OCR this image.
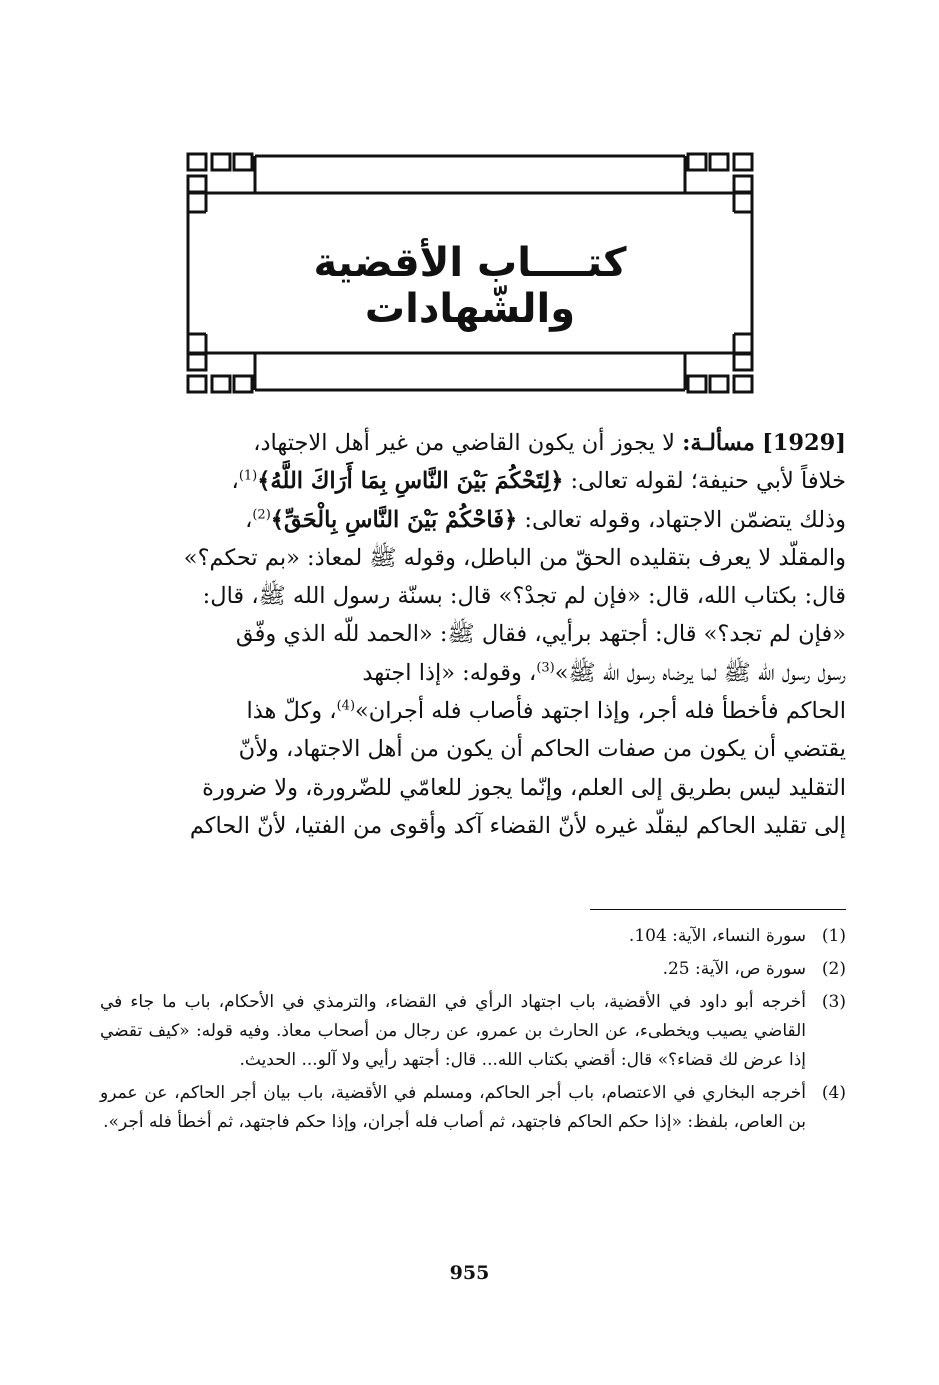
كتــــاب الأقضية والشّهادات

[1929] مسألـة: لا يجوز أن يكون القاضي من غير أهل الاجتهاد،

خلافاً لأبي حنيفة؛ لقوله تعالى: ﴿لِتَحْكُمَ بَيْنَ النَّاسِ بِمَا أَرَاكَ اللَّهُ﴾$^{(1)}$،

وذلك يتضمّن الاجتهاد، وقوله تعالى: ﴿فَاحْكُمْ بَيْنَ النَّاسِ بِالْحَقِّ﴾$^{(2)}$،

والمقلّد لا يعرف بتقليده الحقّ من الباطل، وقوله ﷺ لمعاذ: «بم تحكم؟»

قال: بكتاب الله، قال: «فإن لم تجدْ؟» قال: بسنّة رسول الله ﷺ، قال:

«فإن لم تجد؟» قال: أجتهد برأيي، فقال ﷺ: «الحمد للّه الذي وفّق

رسول رسول الله ﷺ لما يرضاه رسول الله ﷺ»$^{(3)}$، وقوله: «إذا اجتهد

الحاكم فأخطأ فله أجر، وإذا اجتهد فأصاب فله أجران»$^{(4)}$، وكلّ هذا

يقتضي أن يكون من صفات الحاكم أن يكون من أهل الاجتهاد، ولأنّ

التقليد ليس بطريق إلى العلم، وإنّما يجوز للعامّي للضّرورة، ولا ضرورة

إلى تقليد الحاكم ليقلّد غيره لأنّ القضاء آكد وأقوى من الفتيا، لأنّ الحاكم

(1)
سورة النساء، الآية: 104.
(2)
سورة ص، الآية: 25.
(3)
أخرجه أبو داود في الأقضية، باب اجتهاد الرأي في القضاء، والترمذي في الأحكام، باب ما جاء في القاضي يصيب ويخطىء، عن الحارث بن عمرو، عن رجال من أصحاب معاذ. وفيه قوله: «كيف تقضي إذا عرض لك قضاء؟» قال: أقضي بكتاب الله... قال: أجتهد رأيي ولا آلو... الحديث.
(4)
أخرجه البخاري في الاعتصام، باب أجر الحاكم، ومسلم في الأقضية، باب بيان أجر الحاكم، عن عمرو بن العاص، بلفظ: «إذا حكم الحاكم فاجتهد، ثم أصاب فله أجران، وإذا حكم فاجتهد، ثم أخطأ فله أجر».
955
